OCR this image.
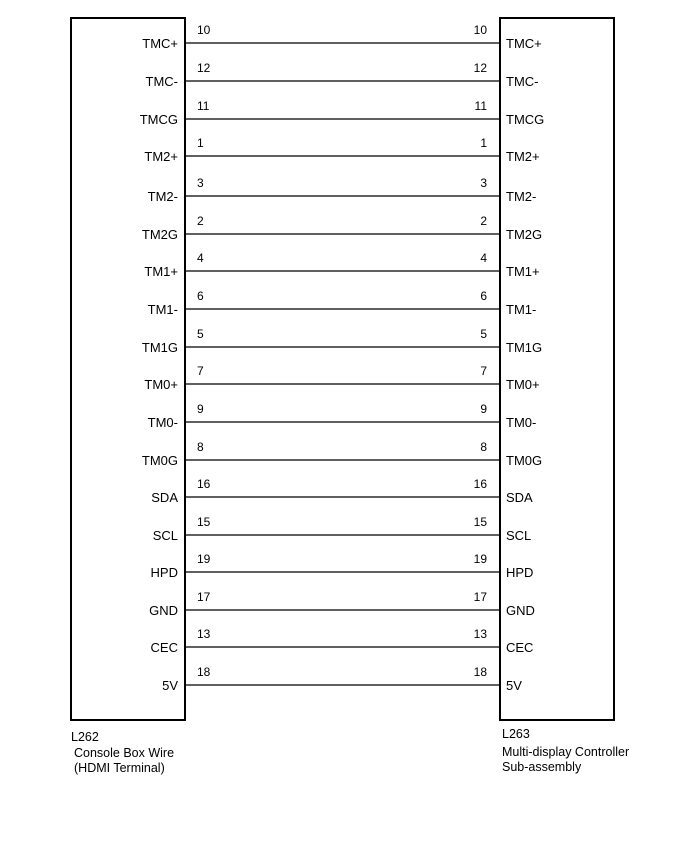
10	10
TMC+	TMC+
12	12
TMC-	TMC-
11	11
TMCG	TMCG
1	1
TM2+	TM2+
3	3
TM2-	TM2-
2	2
TM2G	TM2G
4	4
TM1+	TM1+
6	6
TM1-	TM1-
5	5
TM1G	TM1G
7	7
TM0+	TM0+
9	9
TM0-	TM0-
8	8
TM0G	TM0G
16	16
SDA	SDA
15	15
SCL	SCL
19	19
HPD	HPD
17	17
GND	GND
13	13
CEC	CEC
18	18
5V	5V
L262
Console Box Wire
(HDMI Terminal)
L263
Multi-display Controller
Sub-assembly
